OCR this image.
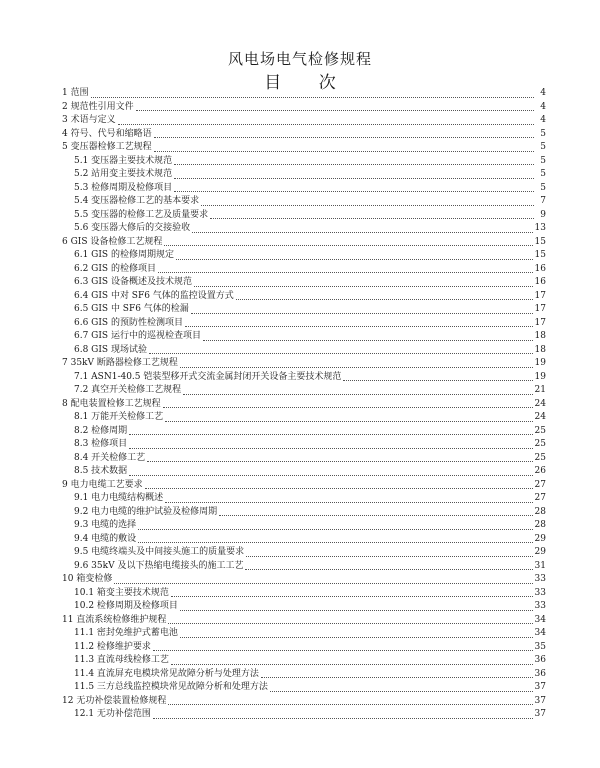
风电场电气检修规程
目 次
1 范围	4
2 规范性引用文件	4
3 术语与定义	4
4 符号、代号和缩略语	5
5 变压器检修工艺规程	5
5.1 变压器主要技术规范	5
5.2 站用变主要技术规范	5
5.3 检修周期及检修项目	5
5.4 变压器检修工艺的基本要求	7
5.5 变压器的检修工艺及质量要求	9
5.6 变压器大修后的交接验收	13
6 GIS 设备检修工艺规程	15
6.1 GIS 的检修周期规定	15
6.2 GIS 的检修项目	16
6.3 GIS 设备概述及技术规范	16
6.4 GIS 中对 SF6 气体的监控设置方式	17
6.5 GIS 中 SF6 气体的检漏	17
6.6 GIS 的预防性检测项目	17
6.7 GIS 运行中的巡视检查项目	18
6.8 GIS 现场试验	18
7 35kV 断路器检修工艺规程	19
7.1 ASN1-40.5 铠装型移开式交流金属封闭开关设备主要技术规范	19
7.2 真空开关检修工艺规程	21
8 配电装置检修工艺规程	24
8.1 万能开关检修工艺	24
8.2 检修周期	25
8.3 检修项目	25
8.4 开关检修工艺	25
8.5 技术数据	26
9 电力电缆工艺要求	27
9.1 电力电缆结构概述	27
9.2 电力电缆的维护试验及检修周期	28
9.3 电缆的选择	28
9.4 电缆的敷设	29
9.5 电缆终端头及中间接头施工的质量要求	29
9.6 35kV 及以下热缩电缆接头的施工工艺	31
10 箱变检修	33
10.1 箱变主要技术规范	33
10.2 检修周期及检修项目	33
11 直流系统检修维护规程	34
11.1 密封免维护式蓄电池	34
11.2 检修维护要求	35
11.3 直流母线检修工艺	36
11.4 直流屏充电模块常见故障分析与处理方法	36
11.5 三方总线监控模块常见故障分析和处理方法	37
12 无功补偿装置检修规程	37
12.1 无功补偿范围	37
